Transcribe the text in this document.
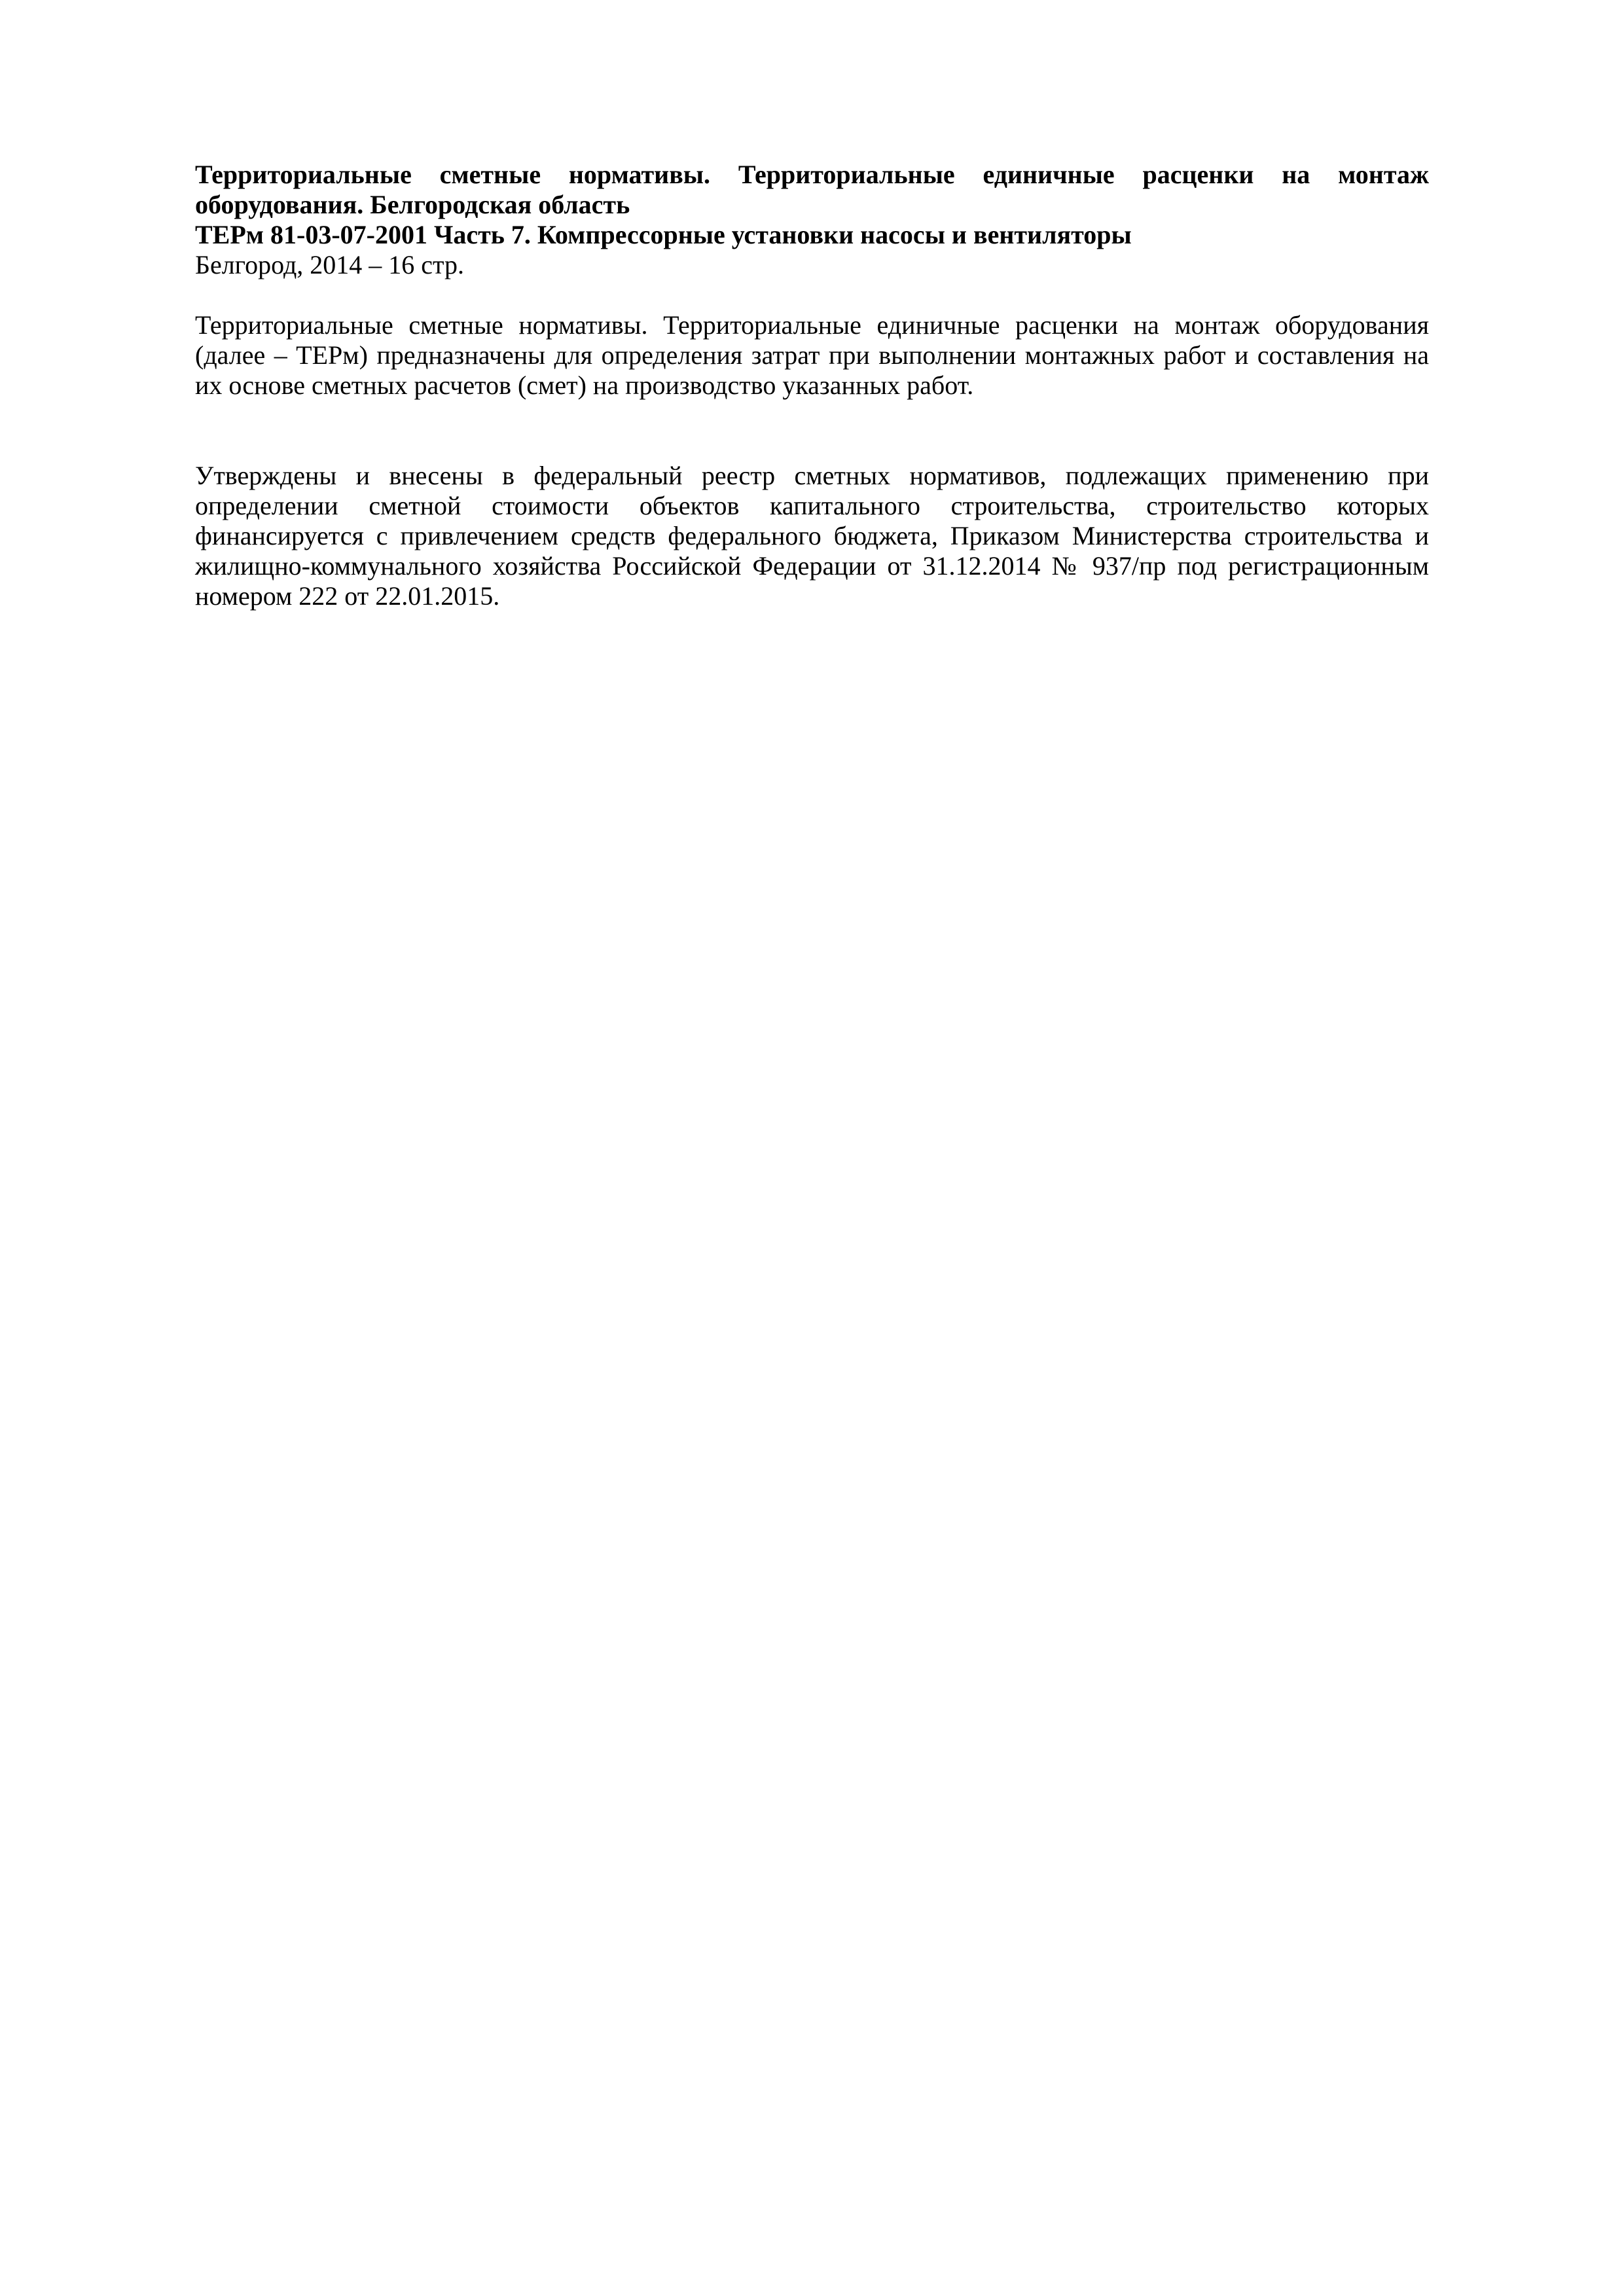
Территориальные сметные нормативы. Территориальные единичные расценки на монтаж оборудования. Белгородская область

ТЕРм 81-03-07-2001 Часть 7. Компрессорные установки насосы и вентиляторы

Белгород, 2014 – 16 стр.

Территориальные сметные нормативы. Территориальные единичные расценки на монтаж оборудования (далее – ТЕРм) предназначены для определения затрат при выполнении монтажных работ и составления на их основе сметных расчетов (смет) на производство указанных работ.

Утверждены и внесены в федеральный реестр сметных нормативов, подлежащих применению при определении сметной стоимости объектов капитального строительства, строительство которых финансируется с привлечением средств федерального бюджета, Приказом Министерства строительства и жилищно-коммунального хозяйства Российской Федерации от 31.12.2014 № 937/пр под регистрационным номером 222 от 22.01.2015.
